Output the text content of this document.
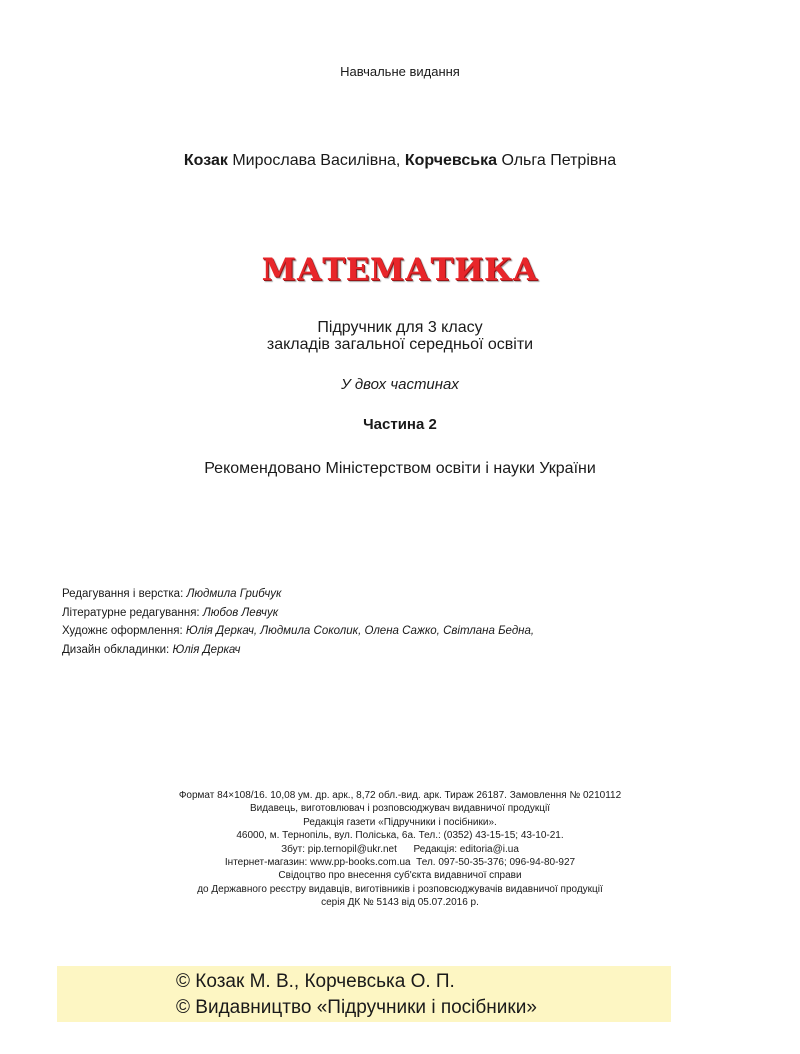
Навчальне видання
Козак Мирослава Василівна, Корчевська Ольга Петрівна
МАТЕМАТИКА
Підручник для 3 класу
закладів загальної середньої освіти
У двох частинах
Частина 2
Рекомендовано Міністерством освіти і науки України
Редагування і верстка: Людмила Грибчук
Літературне редагування: Любов Левчук
Художнє оформлення: Юлія Деркач, Людмила Соколик, Олена Сажко, Світлана Бедна,
Дизайн обкладинки: Юлія Деркач
Формат 84×108/16. 10,08 ум. др. арк., 8,72 обл.-вид. арк. Тираж 26187. Замовлення № 0210112
Видавець, виготовлювач і розповсюджувач видавничої продукції
Редакція газети «Підручники і посібники».
46000, м. Тернопіль, вул. Поліська, 6а. Тел.: (0352) 43-15-15; 43-10-21.
Збут: pip.ternopil@ukr.net      Редакція: editoria@i.ua
Інтернет-магазин: www.pp-books.com.ua  Тел. 097-50-35-376; 096-94-80-927
Свідоцтво про внесення суб'єкта видавничої справи
до Державного реєстру видавців, виготівників і розповсюджувачів видавничої продукції
серія ДК № 5143 від 05.07.2016 р.
© Козак М. В., Корчевська О. П.
© Видавництво «Підручники і посібники»
